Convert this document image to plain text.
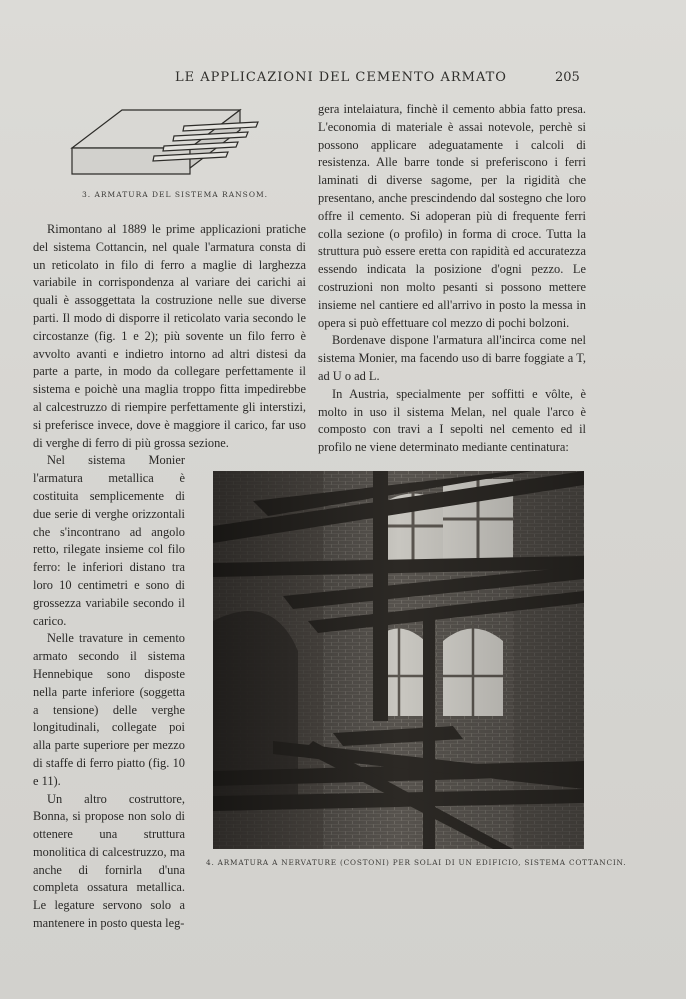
LE APPLICAZIONI DEL CEMENTO ARMATO	205
3. ARMATURA DEL SISTEMA RANSOM.

Rimontano al 1889 le prime applicazioni pratiche del sistema Cottancin, nel quale l'armatura consta di un reticolato in filo di ferro a maglie di larghezza variabile in corrispondenza al variare dei carichi ai quali è assoggettata la costruzione nelle sue diverse parti. Il modo di disporre il reticolato varia secondo le circostanze (fig. 1 e 2); più sovente un filo ferro è avvolto avanti e indietro intorno ad altri distesi da parte a parte, in modo da collegare perfettamente il sistema e poichè una maglia troppo fitta impedirebbe al calcestruzzo di riempire perfettamente gli interstizi, si preferisce invece, dove è maggiore il carico, far uso di verghe di ferro di più grossa sezione.

Nel sistema Monier l'armatura metallica è costituita semplicemente di due serie di verghe orizzontali che s'incontrano ad angolo retto, rilegate insieme col filo ferro: le inferiori distano tra loro 10 centimetri e sono di grossezza variabile secondo il carico.

Nelle travature in cemento armato secondo il sistema Hennebique sono disposte nella parte inferiore (soggetta a tensione) delle verghe longitudinali, collegate poi alla parte superiore per mezzo di staffe di ferro piatto (fig. 10 e 11).

Un altro costruttore, Bonna, si propose non solo di ottenere una struttura monolitica di calcestruzzo, ma anche di fornirla d'una completa ossatura metallica. Le legature servono solo a mantenere in posto questa leg-

gera intelaiatura, finchè il cemento abbia fatto presa. L'economia di materiale è assai notevole, perchè si possono applicare adeguatamente i calcoli di resistenza. Alle barre tonde si preferiscono i ferri laminati di diverse sagome, per la rigidità che presentano, anche prescindendo dal sostegno che loro offre il cemento. Si adoperan più di frequente ferri colla sezione (o profilo) in forma di croce. Tutta la struttura può essere eretta con rapidità ed accuratezza essendo indicata la posizione d'ogni pezzo. Le costruzioni non molto pesanti si possono mettere insieme nel cantiere ed all'arrivo in posto la messa in opera si può effettuare col mezzo di pochi bolzoni.

Bordenave dispone l'armatura all'incirca come nel sistema Monier, ma facendo uso di barre foggiate a T, ad U o ad L.

In Austria, specialmente per soffitti e vôlte, è molto in uso il sistema Melan, nel quale l'arco è composto con travi a I sepolti nel cemento ed il profilo ne viene determinato mediante centinatura:

4. ARMATURA A NERVATURE (COSTONI) PER SOLAI DI UN EDIFICIO, SISTEMA COTTANCIN.
